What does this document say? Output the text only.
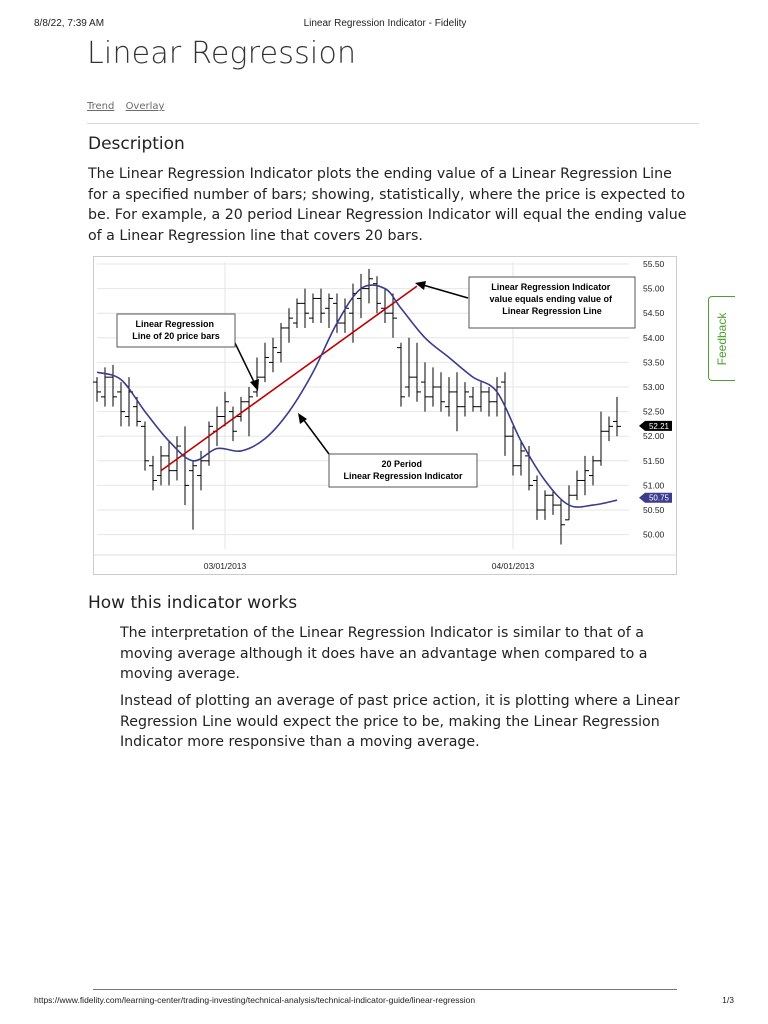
8/8/22, 7:39 AM	Linear Regression Indicator - Fidelity
Linear Regression
Trend Overlay
Description

The Linear Regression Indicator plots the ending value of a Linear Regression Line for a specified number of bars; showing, statistically, where the price is expected to be. For example, a 20 period Linear Regression Indicator will equal the ending value of a Linear Regression line that covers 20 bars.

55.50
55.00
54.50
54.00
53.50
53.00
52.50
52.00
51.50
51.00
50.50
50.00
03/01/2013	04/01/2013
52.21
50.75
Linear Regression Indicator value equals ending value of Linear Regression Line
Linear Regression Line of 20 price bars
20 Period Linear Regression Indicator
How this indicator works

The interpretation of the Linear Regression Indicator is similar to that of a moving average although it does have an advantage when compared to a moving average.

Instead of plotting an average of past price action, it is plotting where a Linear Regression Line would expect the price to be, making the Linear Regression Indicator more responsive than a moving average.

Feedback
https://www.fidelity.com/learning-center/trading-investing/technical-analysis/technical-indicator-guide/linear-regression	1/3
